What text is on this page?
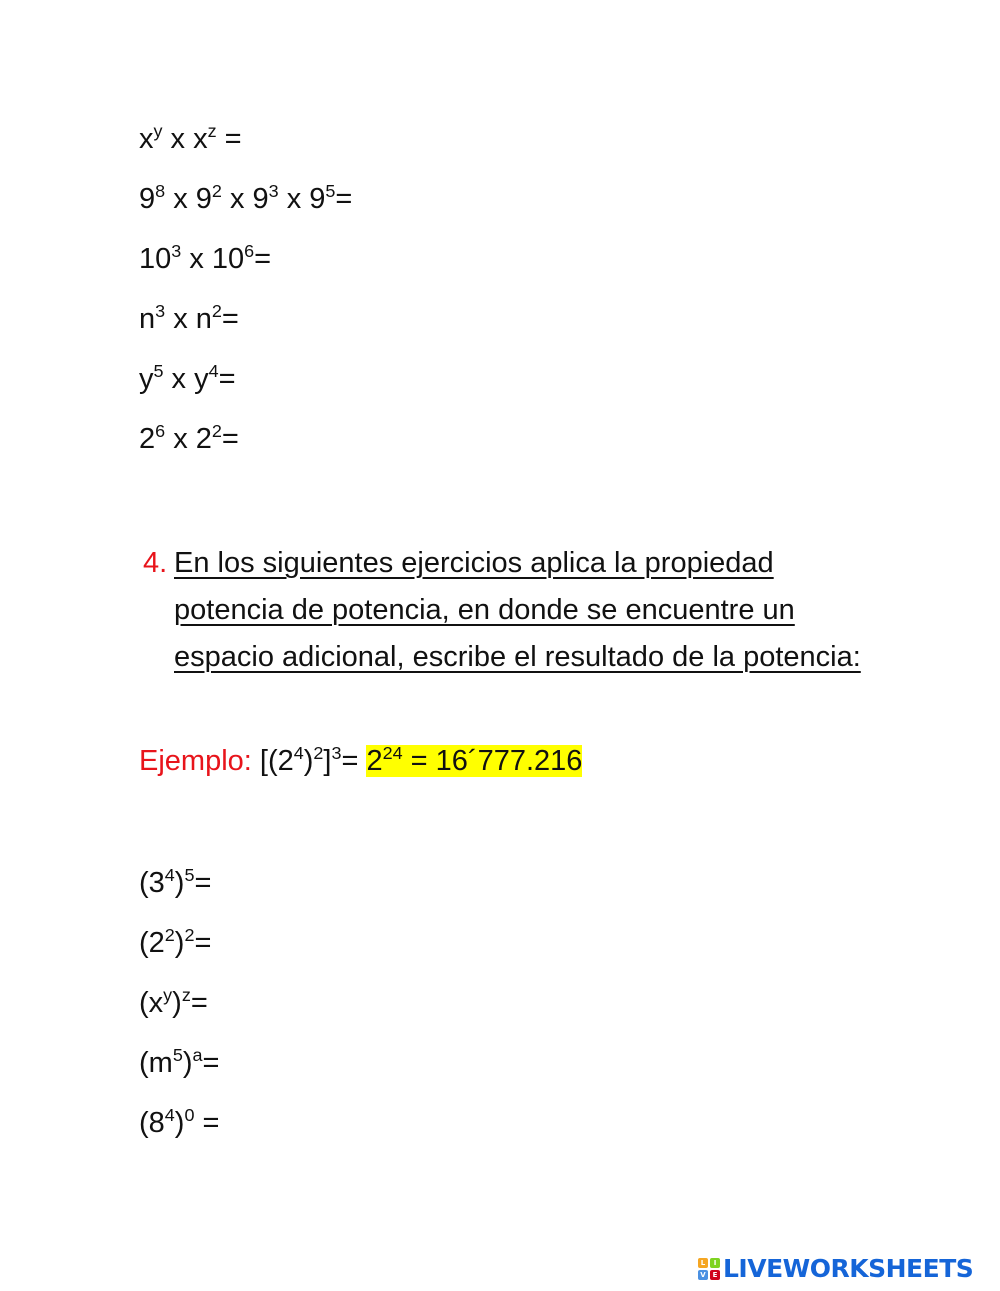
$x^y$ x $x^z$ =
$9^8$ x $9^2$ x $9^3$ x $9^5=$
$10^3$ x $10^6=$
$n^3$ x $n^2=$
$y^5$ x $y^4=$
$2^6$ x $2^2=$
4. En los siguientes ejercicios aplica la propiedad potencia de potencia, en donde se encuentre un espacio adicional, escribe el resultado de la potencia:
Ejemplo: $[(2^4)^2]^3= 2^{24}$ = 16´777.216
$(3^4)^5=$
$(2^2)^2=$
$(x^y)^z=$
$(m^5)^a=$
$(8^4)^0$ =
L	I
V E LIVEWORKSHEETS
